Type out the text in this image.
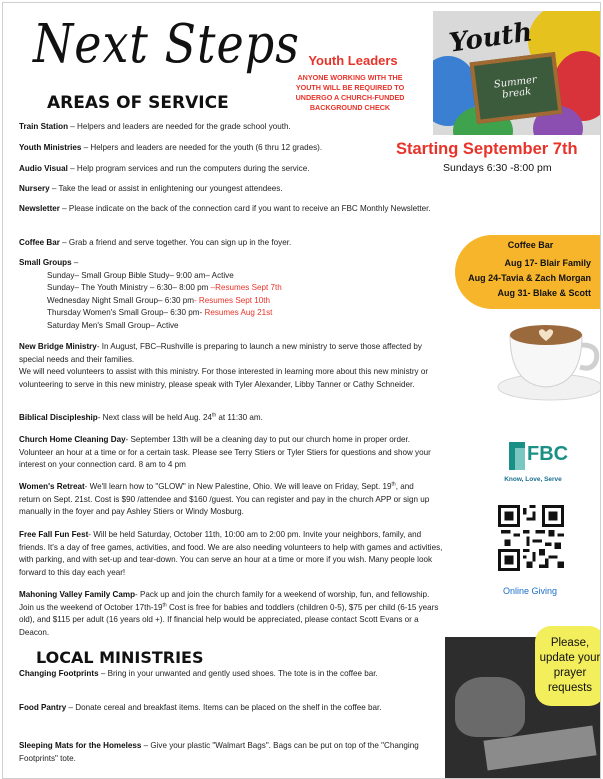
Next Steps
AREAS OF SERVICE
Youth Leaders
ANYONE WORKING WITH THE
YOUTH WILL BE REQUIRED TO
UNDERGO A CHURCH-FUNDED
BACKGROUND CHECK
Youth
Summer
break
Starting September 7th
Sundays 6:30 -8:00 pm
Coffee Bar
Aug 17- Blair Family
Aug 24-Tavia & Zach Morgan
Aug 31- Blake & Scott
FBC
Know, Love, Serve
Online Giving
Please,
update your
prayer
requests
Train Station – Helpers and leaders are needed for the grade school youth.
Youth Ministries – Helpers and leaders are needed for the youth (6 thru 12 grades).
Audio Visual – Help program services and run the computers during the service.
Nursery – Take the lead or assist in enlightening our youngest attendees.
Newsletter – Please indicate on the back of the connection card if you want to receive an FBC Monthly Newsletter.
Coffee Bar – Grab a friend and serve together. You can sign up in the foyer.
Small Groups –
Sunday– Small Group Bible Study– 9:00 am– Active
Sunday– The Youth Ministry – 6:30– 8:00 pm –Resumes Sept 7th
Wednesday Night Small Group– 6:30 pm- Resumes Sept 10th
Thursday Women's Small Group– 6:30 pm- Resumes Aug 21st
Saturday Men's Small Group– Active
New Bridge Ministry- In August, FBC–Rushville is preparing to launch a new ministry to serve those affected by special needs and their families.
We will need volunteers to assist with this ministry. For those interested in learning more about this new ministry or volunteering to serve in this new ministry, please speak with Tyler Alexander, Libby Tanner or Cathy Schneider.
Biblical Discipleship- Next class will be held Aug. 24th at 11:30 am.
Church Home Cleaning Day- September 13th will be a cleaning day to put our church home in proper order. Volunteer an hour at a time or for a certain task. Please see Terry Stiers or Tyler Stiers for questions and show your interest on your connection card. 8 am to 4 pm
Women's Retreat- We'll learn how to "GLOW" in New Palestine, Ohio. We will leave on Friday, Sept. 19th, and return on Sept. 21st. Cost is $90 /attendee and $160 /guest. You can register and pay in the church APP or sign up manually in the foyer and pay Ashley Stiers or Windy Mosburg.
Free Fall Fun Fest- Will be held Saturday, October 11th, 10:00 am to 2:00 pm. Invite your neighbors, family, and friends. It's a day of free games, activities, and food. We are also needing volunteers to help with games and activities, with parking, and with set-up and tear-down. You can serve an hour at a time or more if you wish. Many people look forward to this day each year!
Mahoning Valley Family Camp- Pack up and join the church family for a weekend of worship, fun, and fellowship. Join us the weekend of October 17th-19th Cost is free for babies and toddlers (children 0-5), $75 per child (6-15 years old), and $115 per adult (16 years old +). If financial help would be appreciated, please contact Scott Evans or a Deacon.
LOCAL MINISTRIES
Changing Footprints – Bring in your unwanted and gently used shoes. The tote is in the coffee bar.
Food Pantry – Donate cereal and breakfast items. Items can be placed on the shelf in the coffee bar.
Sleeping Mats for the Homeless – Give your plastic "Walmart Bags". Bags can be put on top of the "Changing Footprints" tote.
